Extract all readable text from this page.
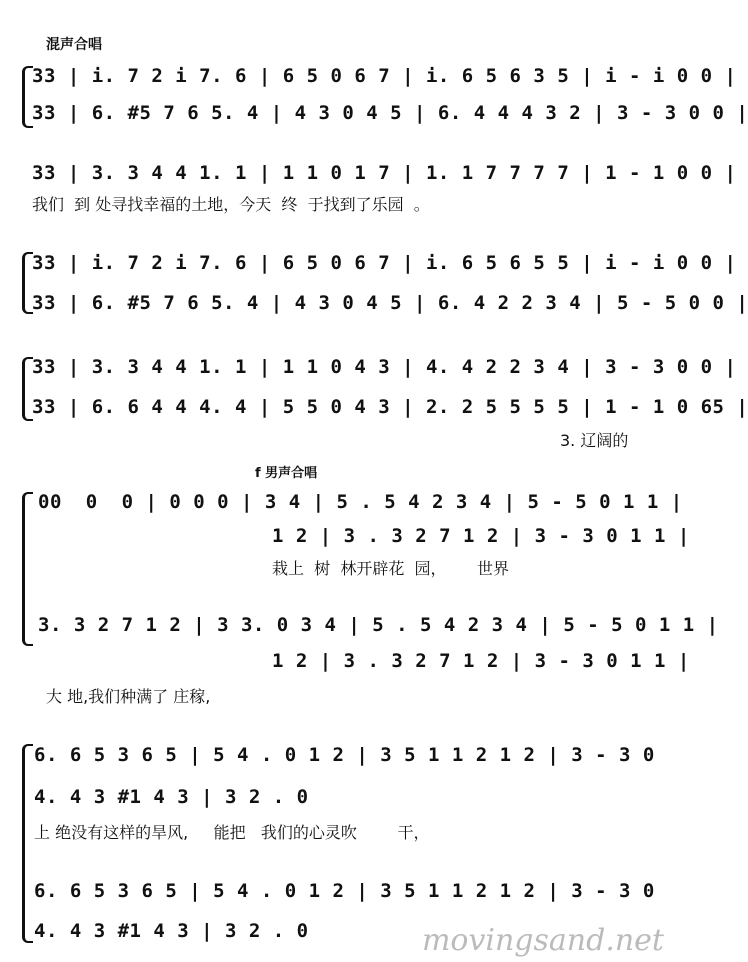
混声合唱
33 | i. 7 2 i 7. 6 | 6 5 0 6 7 | i. 6 5 6 3 5 | i - i 0 0 |
33 | 6. #5 7 6 5. 4 | 4 3 0 4 5 | 6. 4 4 4 3 2 | 3 - 3 0 0 |
33 | 3. 3 4 4 1. 1 | 1 1 0 1 7 | 1. 1 7 7 7 7 | 1 - 1 0 0 |
我们  到 处寻找幸福的土地，今天  终  于找到了乐园  。
33 | i. 7 2 i 7. 6 | 6 5 0 6 7 | i. 6 5 6 5 5 | i - i 0 0 |
33 | 6. #5 7 6 5. 4 | 4 3 0 4 5 | 6. 4 2 2 3 4 | 5 - 5 0 0 |
33 | 3. 3 4 4 1. 1 | 1 1 0 4 3 | 4. 4 2 2 3 4 | 3 - 3 0 0 |
33 | 6. 6 4 4 4. 4 | 5 5 0 4 3 | 2. 2 5 5 5 5 | 1 - 1 0 65 |
3. 辽阔的
f 男声合唱
00  0  0 | 0 0 0 | 3 4 | 5 . 5 4 2 3 4 | 5 - 5 0 1 1 |
1 2 | 3 . 3 2 7 1 2 | 3 - 3 0 1 1 |
栽上  树  林开辟花  园，      世界
3. 3 2 7 1 2 | 3 3. 0 3 4 | 5 . 5 4 2 3 4 | 5 - 5 0 1 1 |
1 2 | 3 . 3 2 7 1 2 | 3 - 3 0 1 1 |
大 地,我们种满了 庄稼,
6. 6 5 3 6 5 | 5 4 . 0 1 2 | 3 5 1 1 2 1 2 | 3 - 3 0
4. 4 3 #1 4 3 | 3 2 . 0
上 绝没有这样的旱风,     能把   我们的心灵吹        干，
6. 6 5 3 6 5 | 5 4 . 0 1 2 | 3 5 1 1 2 1 2 | 3 - 3 0
4. 4 3 #1 4 3 | 3 2 . 0	movingsand.net
